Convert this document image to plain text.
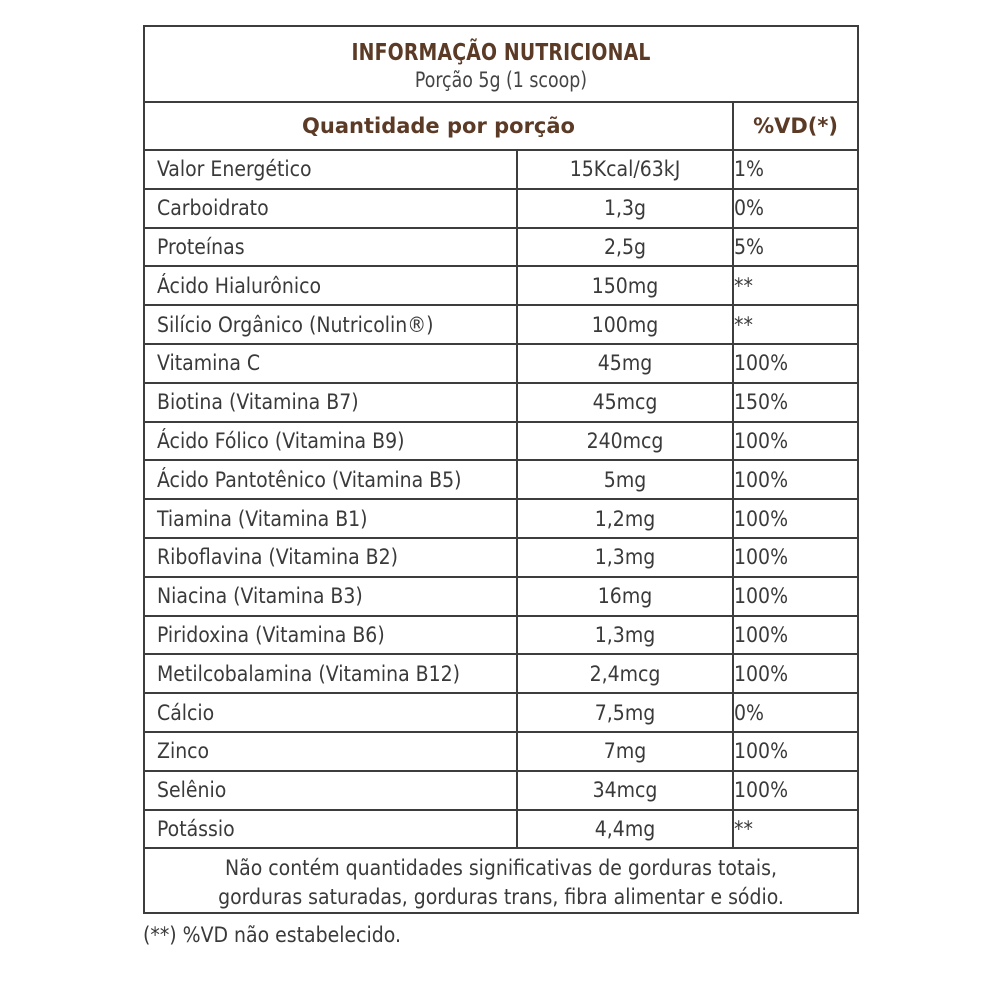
INFORMAÇÃO NUTRICIONAL
Porção 5g (1 scoop)
Quantidade por porção		%VD(*)
Valor Energético	15Kcal/63kJ	1%
Carboidrato	1,3g	0%
Proteínas	2,5g	5%
Ácido Hialurônico	150mg	**
Silício Orgânico (Nutricolin®)	100mg	**
Vitamina C	45mg	100%
Biotina (Vitamina B7)	45mcg	150%
Ácido Fólico (Vitamina B9)	240mcg	100%
Ácido Pantotênico (Vitamina B5)	5mg	100%
Tiamina (Vitamina B1)	1,2mg	100%
Riboflavina (Vitamina B2)	1,3mg	100%
Niacina (Vitamina B3)	16mg	100%
Piridoxina (Vitamina B6)	1,3mg	100%
Metilcobalamina (Vitamina B12)	2,4mcg	100%
Cálcio	7,5mg	0%
Zinco	7mg	100%
Selênio	34mcg	100%
Potássio	4,4mg	**
Não contém quantidades significativas de gorduras totais,
gorduras saturadas, gorduras trans, fibra alimentar e sódio.
(**) %VD não estabelecido.
